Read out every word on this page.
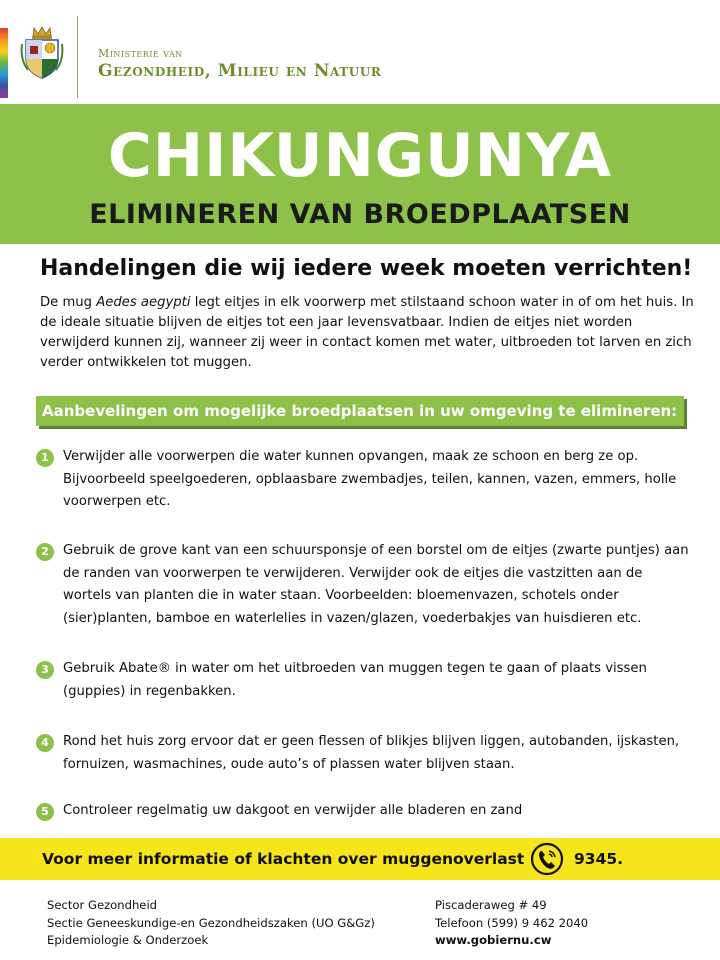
Ministerie van
Gezondheid, Milieu en Natuur
CHIKUNGUNYA
ELIMINEREN VAN BROEDPLAATSEN
Handelingen die wij iedere week moeten verrichten!
De mug Aedes aegypti legt eitjes in elk voorwerp met stilstaand schoon water in of om het huis. In de ideale situatie blijven de eitjes tot een jaar levensvatbaar. Indien de eitjes niet worden verwijderd kunnen zij, wanneer zij weer in contact komen met water, uitbroeden tot larven en zich verder ontwikkelen tot muggen.
Aanbevelingen om mogelijke broedplaatsen in uw omgeving te elimineren:
1	Verwijder alle voorwerpen die water kunnen opvangen, maak ze schoon en berg ze op. Bijvoorbeeld speelgoederen, opblaasbare zwembadjes, teilen, kannen, vazen, emmers, holle voorwerpen etc.
2	Gebruik de grove kant van een schuursponsje of een borstel om de eitjes (zwarte puntjes) aan de randen van voorwerpen te verwijderen. Verwijder ook de eitjes die vastzitten aan de wortels van planten die in water staan. Voorbeelden: bloemenvazen, schotels onder (sier)planten, bamboe en waterlelies in vazen/glazen, voederbakjes van huisdieren etc.
3	Gebruik Abate® in water om het uitbroeden van muggen tegen te gaan of plaats vissen (guppies) in regenbakken.
4	Rond het huis zorg ervoor dat er geen flessen of blikjes blijven liggen, autobanden, ijskasten, fornuizen, wasmachines, oude auto’s of plassen water blijven staan.
5	Controleer regelmatig uw dakgoot en verwijder alle bladeren en zand
Voor meer informatie of klachten over muggenoverlast	9345.
Sector Gezondheid
Sectie Geneeskundige-en Gezondheidszaken (UO G&Gz)
Epidemiologie & Onderzoek
Piscaderaweg # 49
Telefoon (599) 9 462 2040
www.gobiernu.cw
